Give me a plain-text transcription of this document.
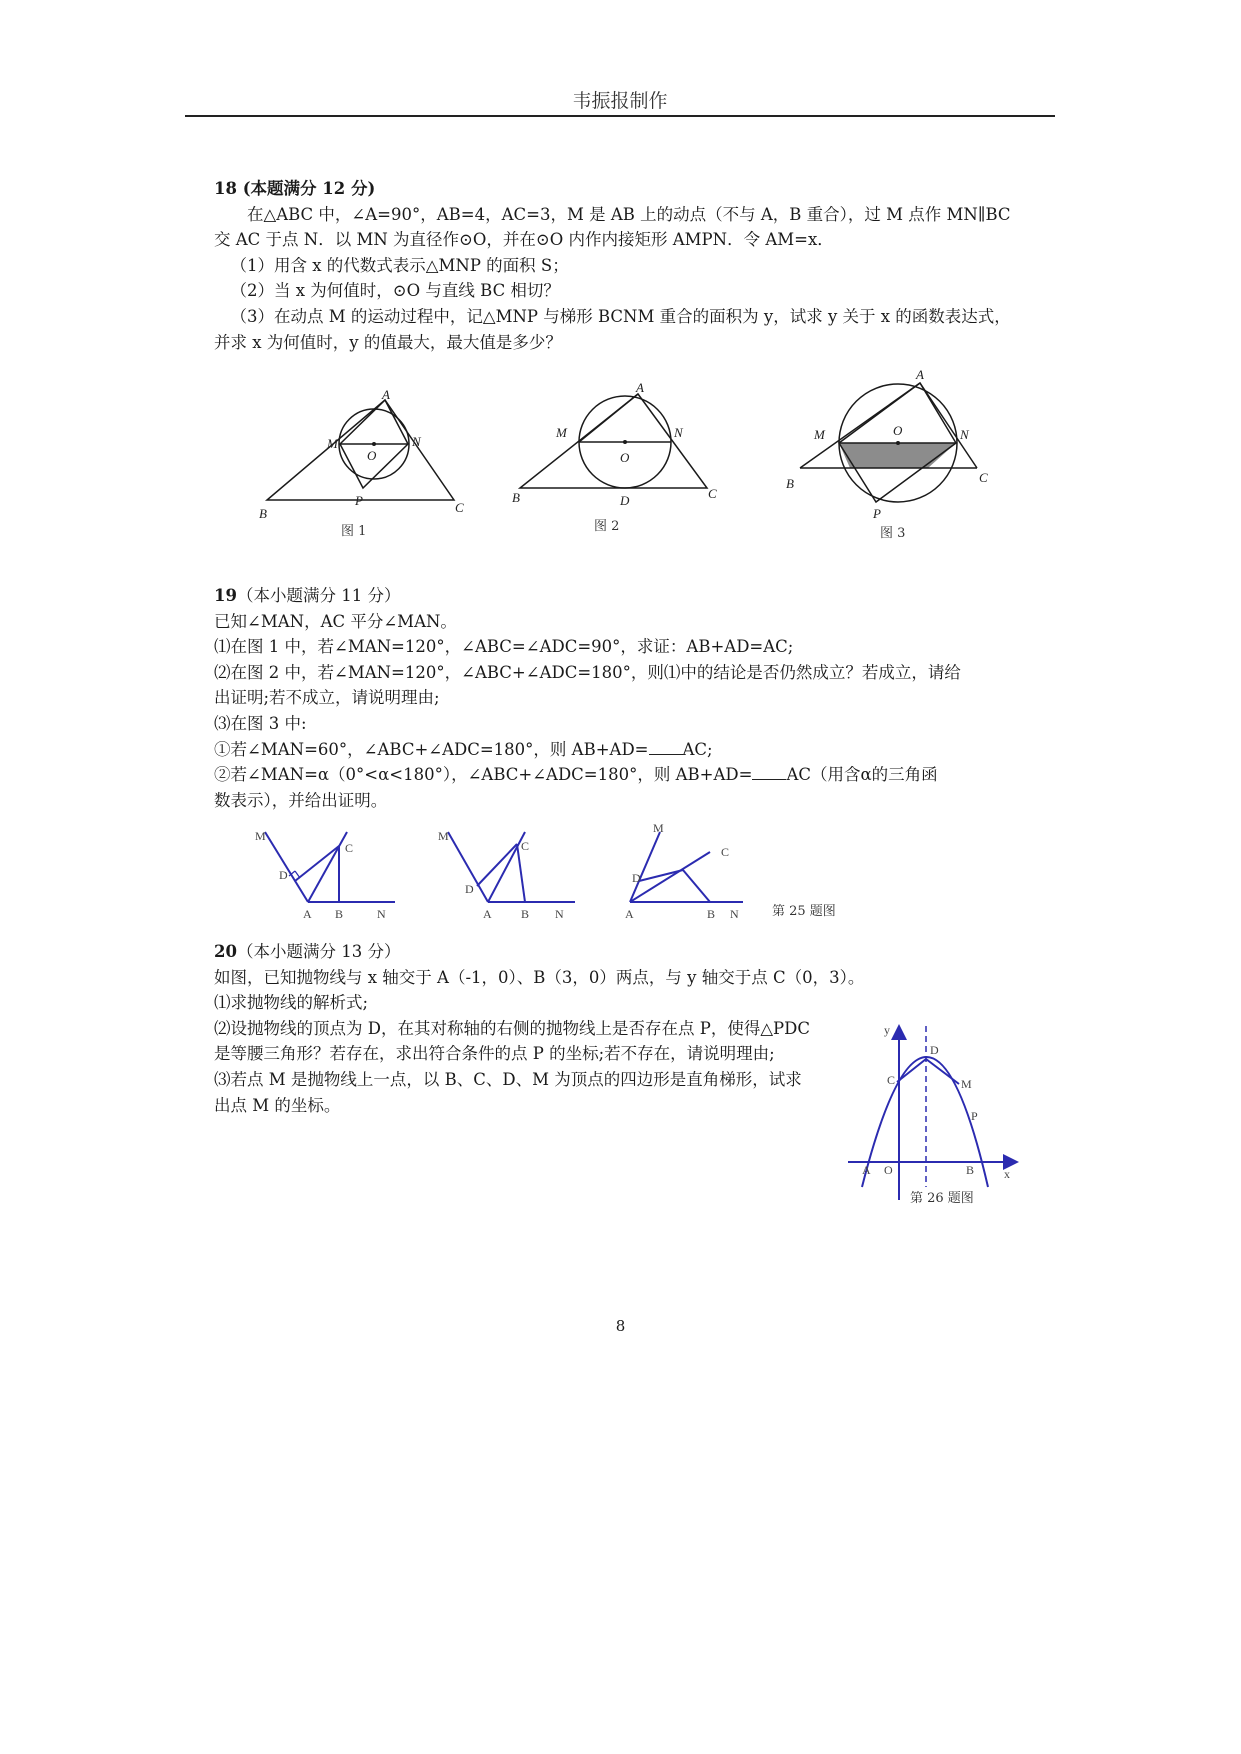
韦振报制作

18 (本题满分 12 分)

在△ABC 中，∠A=90°，AB=4，AC=3，M 是 AB 上的动点（不与 A，B 重合），过 M 点作 MN∥BC

交 AC 于点 N．以 MN 为直径作⊙O，并在⊙O 内作内接矩形 AMPN．令 AM=x．

（1）用含 x 的代数式表示△MNP 的面积 S；

（2）当 x 为何值时，⊙O 与直线 BC 相切？

（3）在动点 M 的运动过程中，记△MNP 与梯形 BCNM 重合的面积为 y，试求 y 关于 x 的函数表达式，

并求 x 为何值时，y 的值最大，最大值是多少？

A
B	C
M	N
O
P
图 1
A
B	C
M	N
O
D
图 2
A
B	C
M	N
O
P
图 3

19（本小题满分 11 分）

已知∠MAN，AC 平分∠MAN。

⑴在图 1 中，若∠MAN=120°，∠ABC=∠ADC=90°，求证：AB+AD=AC;

⑵在图 2 中，若∠MAN=120°，∠ABC+∠ADC=180°，则⑴中的结论是否仍然成立？若成立，请给

出证明;若不成立，请说明理由;

⑶在图 3 中:

①若∠MAN=60°，∠ABC+∠ADC=180°，则 AB+AD= AC;

②若∠MAN=α（0°<α<180°），∠ABC+∠ADC=180°，则 AB+AD= AC（用含α的三角函

数表示），并给出证明。

M
D
C
A B	N
M
D
C
A B N
M
D
C
A	B N	第 25 题图

20（本小题满分 13 分）

如图，已知抛物线与 x 轴交于 A（-1，0）、B（3，0）两点，与 y 轴交于点 C（0，3）。

⑴求抛物线的解析式;

⑵设抛物线的顶点为 D，在其对称轴的右侧的抛物线上是否存在点 P，使得△PDC

是等腰三角形？若存在，求出符合条件的点 P 的坐标;若不存在，请说明理由;

⑶若点 M 是抛物线上一点，以 B、C、D、M 为顶点的四边形是直角梯形，试求

出点 M 的坐标。

y
x
C
D
M
P
A O	B
第 26 题图
8
